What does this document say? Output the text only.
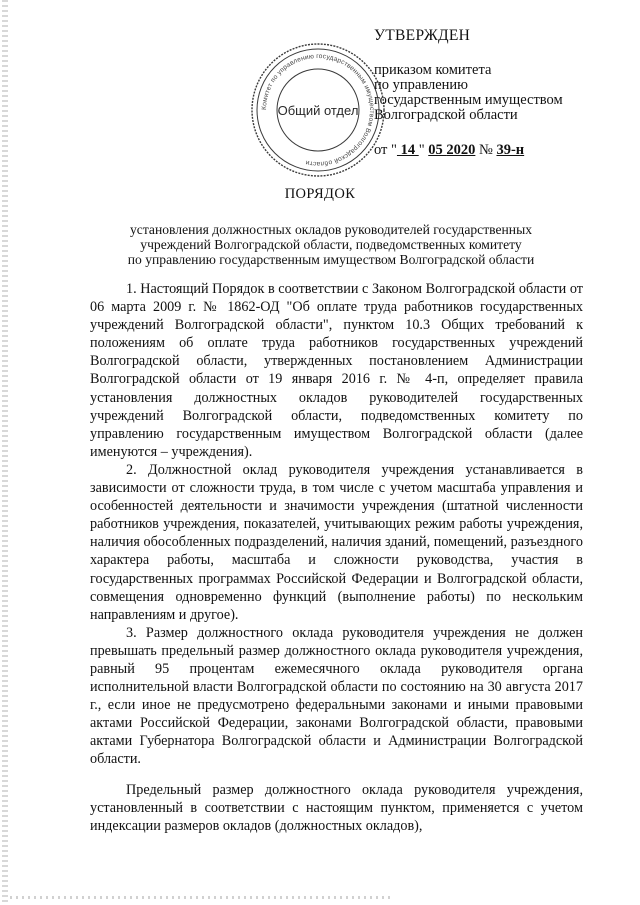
Комитет по управлению государственным имуществом Волгоградской области
Общий отдел
УТВЕРЖДЕН
приказом комитета
по управлению
государственным имуществом
Волгоградской области
от " 14 " 05 2020 № 39-н
ПОРЯДОК
установления должностных окладов руководителей государственных
учреждений Волгоградской области, подведомственных комитету
по управлению государственным имуществом Волгоградской области

1. Настоящий Порядок в соответствии с Законом Волгоградской области от 06 марта 2009 г. № 1862-ОД "Об оплате труда работников государственных учреждений Волгоградской области", пунктом 10.3 Общих требований к положениям об оплате труда работников государственных учреждений Волгоградской области, утвержденных постановлением Администрации Волгоградской области от 19 января 2016 г. № 4-п, определяет правила установления должностных окладов руководителей государственных учреждений Волгоградской области, подведомственных комитету по управлению государственным имуществом Волгоградской области (далее именуются – учреждения).

2. Должностной оклад руководителя учреждения устанавливается в зависимости от сложности труда, в том числе с учетом масштаба управления и особенностей деятельности и значимости учреждения (штатной численности работников учреждения, показателей, учитывающих режим работы учреждения, наличия обособленных подразделений, наличия зданий, помещений, разъездного характера работы, масштаба и сложности руководства, участия в государственных программах Российской Федерации и Волгоградской области, совмещения одновременно функций (выполнение работы) по нескольким направлениям и другое).

3. Размер должностного оклада руководителя учреждения не должен превышать предельный размер должностного оклада руководителя учреждения, равный 95 процентам ежемесячного оклада руководителя органа исполнительной власти Волгоградской области по состоянию на 30 августа 2017 г., если иное не предусмотрено федеральными законами и иными правовыми актами Российской Федерации, законами Волгоградской области, правовыми актами Губернатора Волгоградской области и Администрации Волгоградской области.

Предельный размер должностного оклада руководителя учреждения, установленный в соответствии с настоящим пунктом, применяется с учетом индексации размеров окладов (должностных окладов),
